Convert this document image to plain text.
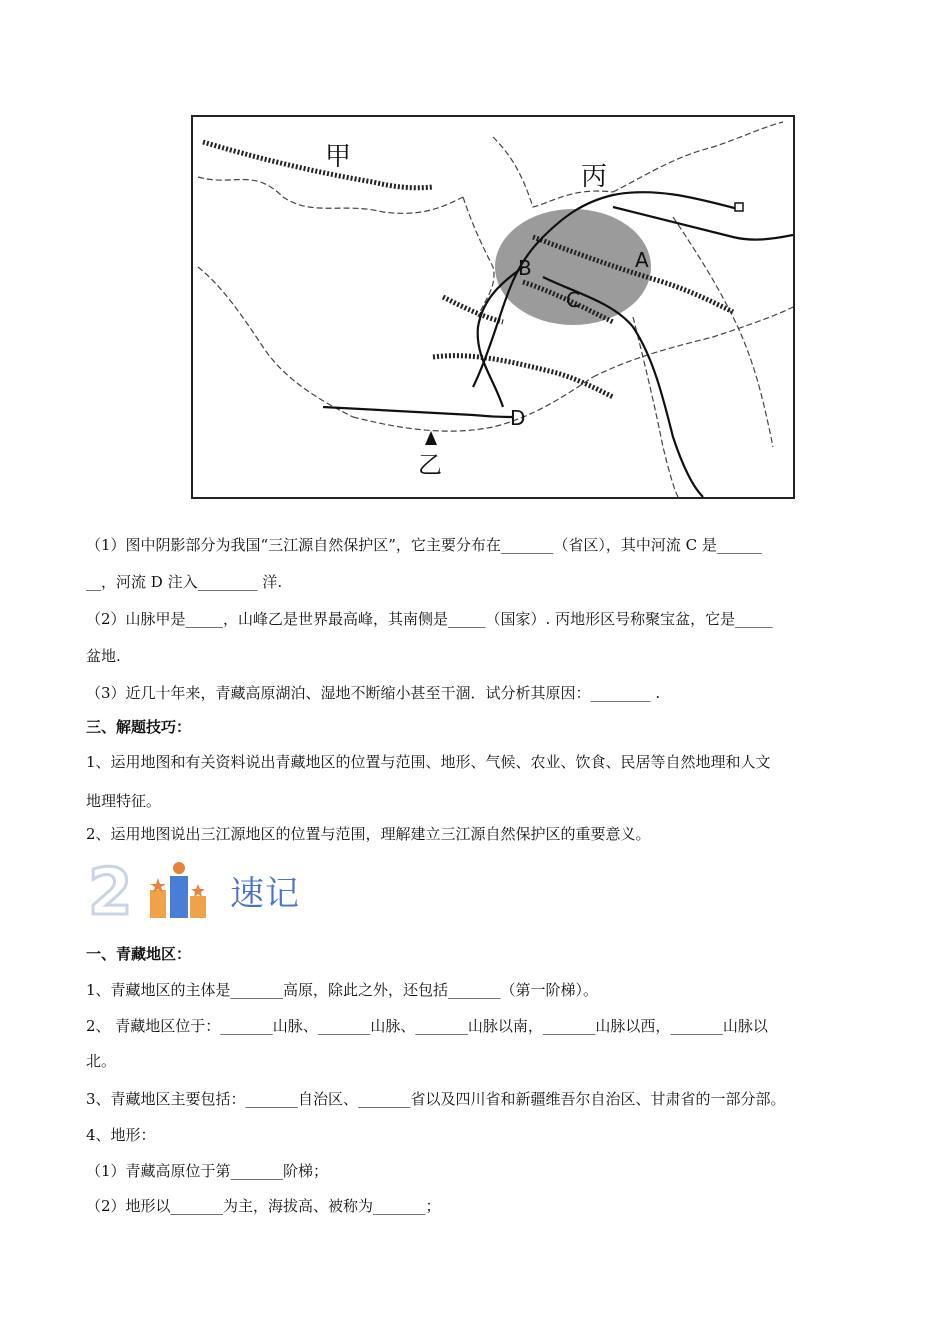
甲
丙
A
B
C
D
乙
（1）图中阴影部分为我国“三江源自然保护区”，它主要分布在_______（省区），其中河流 C 是______
__，河流 D 注入________ 洋.
（2）山脉甲是_____，山峰乙是世界最高峰，其南侧是_____（国家）. 丙地形区号称聚宝盆，它是_____
盆地.
（3）近几十年来，青藏高原湖泊、湿地不断缩小甚至干涸．试分析其原因：________ .
三、解题技巧：
1、运用地图和有关资料说出青藏地区的位置与范围、地形、气候、农业、饮食、民居等自然地理和人文
地理特征。
2、运用地图说出三江源地区的位置与范围，理解建立三江源自然保护区的重要意义。
2	速记
一、青藏地区：
1、青藏地区的主体是_______高原，除此之外，还包括_______（第一阶梯）。
2、 青藏地区位于：_______山脉、_______山脉、_______山脉以南，_______山脉以西，_______山脉以
北。
3、青藏地区主要包括：_______自治区、_______省以及四川省和新疆维吾尔自治区、甘肃省的一部分部。
4、地形：
（1）青藏高原位于第_______阶梯；
（2）地形以_______为主，海拔高、被称为_______；
